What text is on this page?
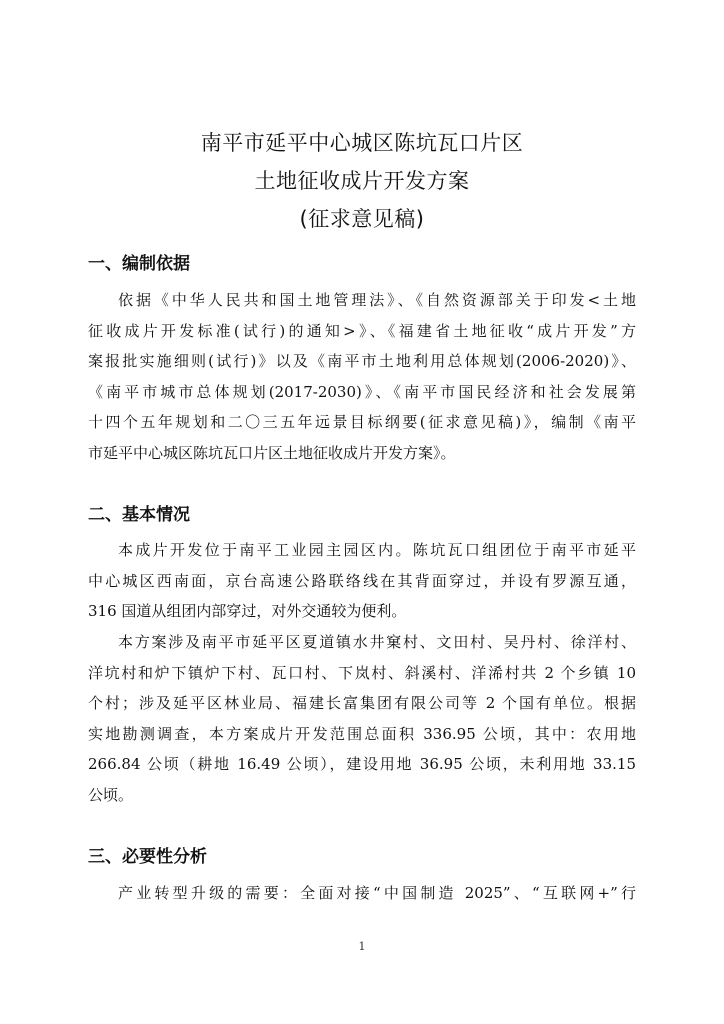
南平市延平中心城区陈坑瓦口片区
土地征收成片开发方案
(征求意见稿)
一、编制依据
依据《中华人民共和国土地管理法》、《自然资源部关于印发<土地
征收成片开发标准(试行)的通知>》、《福建省土地征收“成片开发”方
案报批实施细则(试行)》以及《南平市土地利用总体规划(2006-2020)》、
《南平市城市总体规划(2017-2030)》、《南平市国民经济和社会发展第
十四个五年规划和二〇三五年远景目标纲要(征求意见稿)》，编制《南平
市延平中心城区陈坑瓦口片区土地征收成片开发方案》。
二、基本情况
本成片开发位于南平工业园主园区内。陈坑瓦口组团位于南平市延平
中心城区西南面，京台高速公路联络线在其背面穿过，并设有罗源互通，
316 国道从组团内部穿过，对外交通较为便利。
本方案涉及南平市延平区夏道镇水井窠村、文田村、吴丹村、徐洋村、
洋坑村和炉下镇炉下村、瓦口村、下岚村、斜溪村、洋浠村共 2 个乡镇 10
个村；涉及延平区林业局、福建长富集团有限公司等 2 个国有单位。根据
实地勘测调查，本方案成片开发范围总面积 336.95 公顷，其中：农用地
266.84 公顷（耕地 16.49 公顷），建设用地 36.95 公顷，未利用地 33.15
公顷。
三、必要性分析
产业转型升级的需要：全面对接“中国制造 2025”、“互联网+”行
1
